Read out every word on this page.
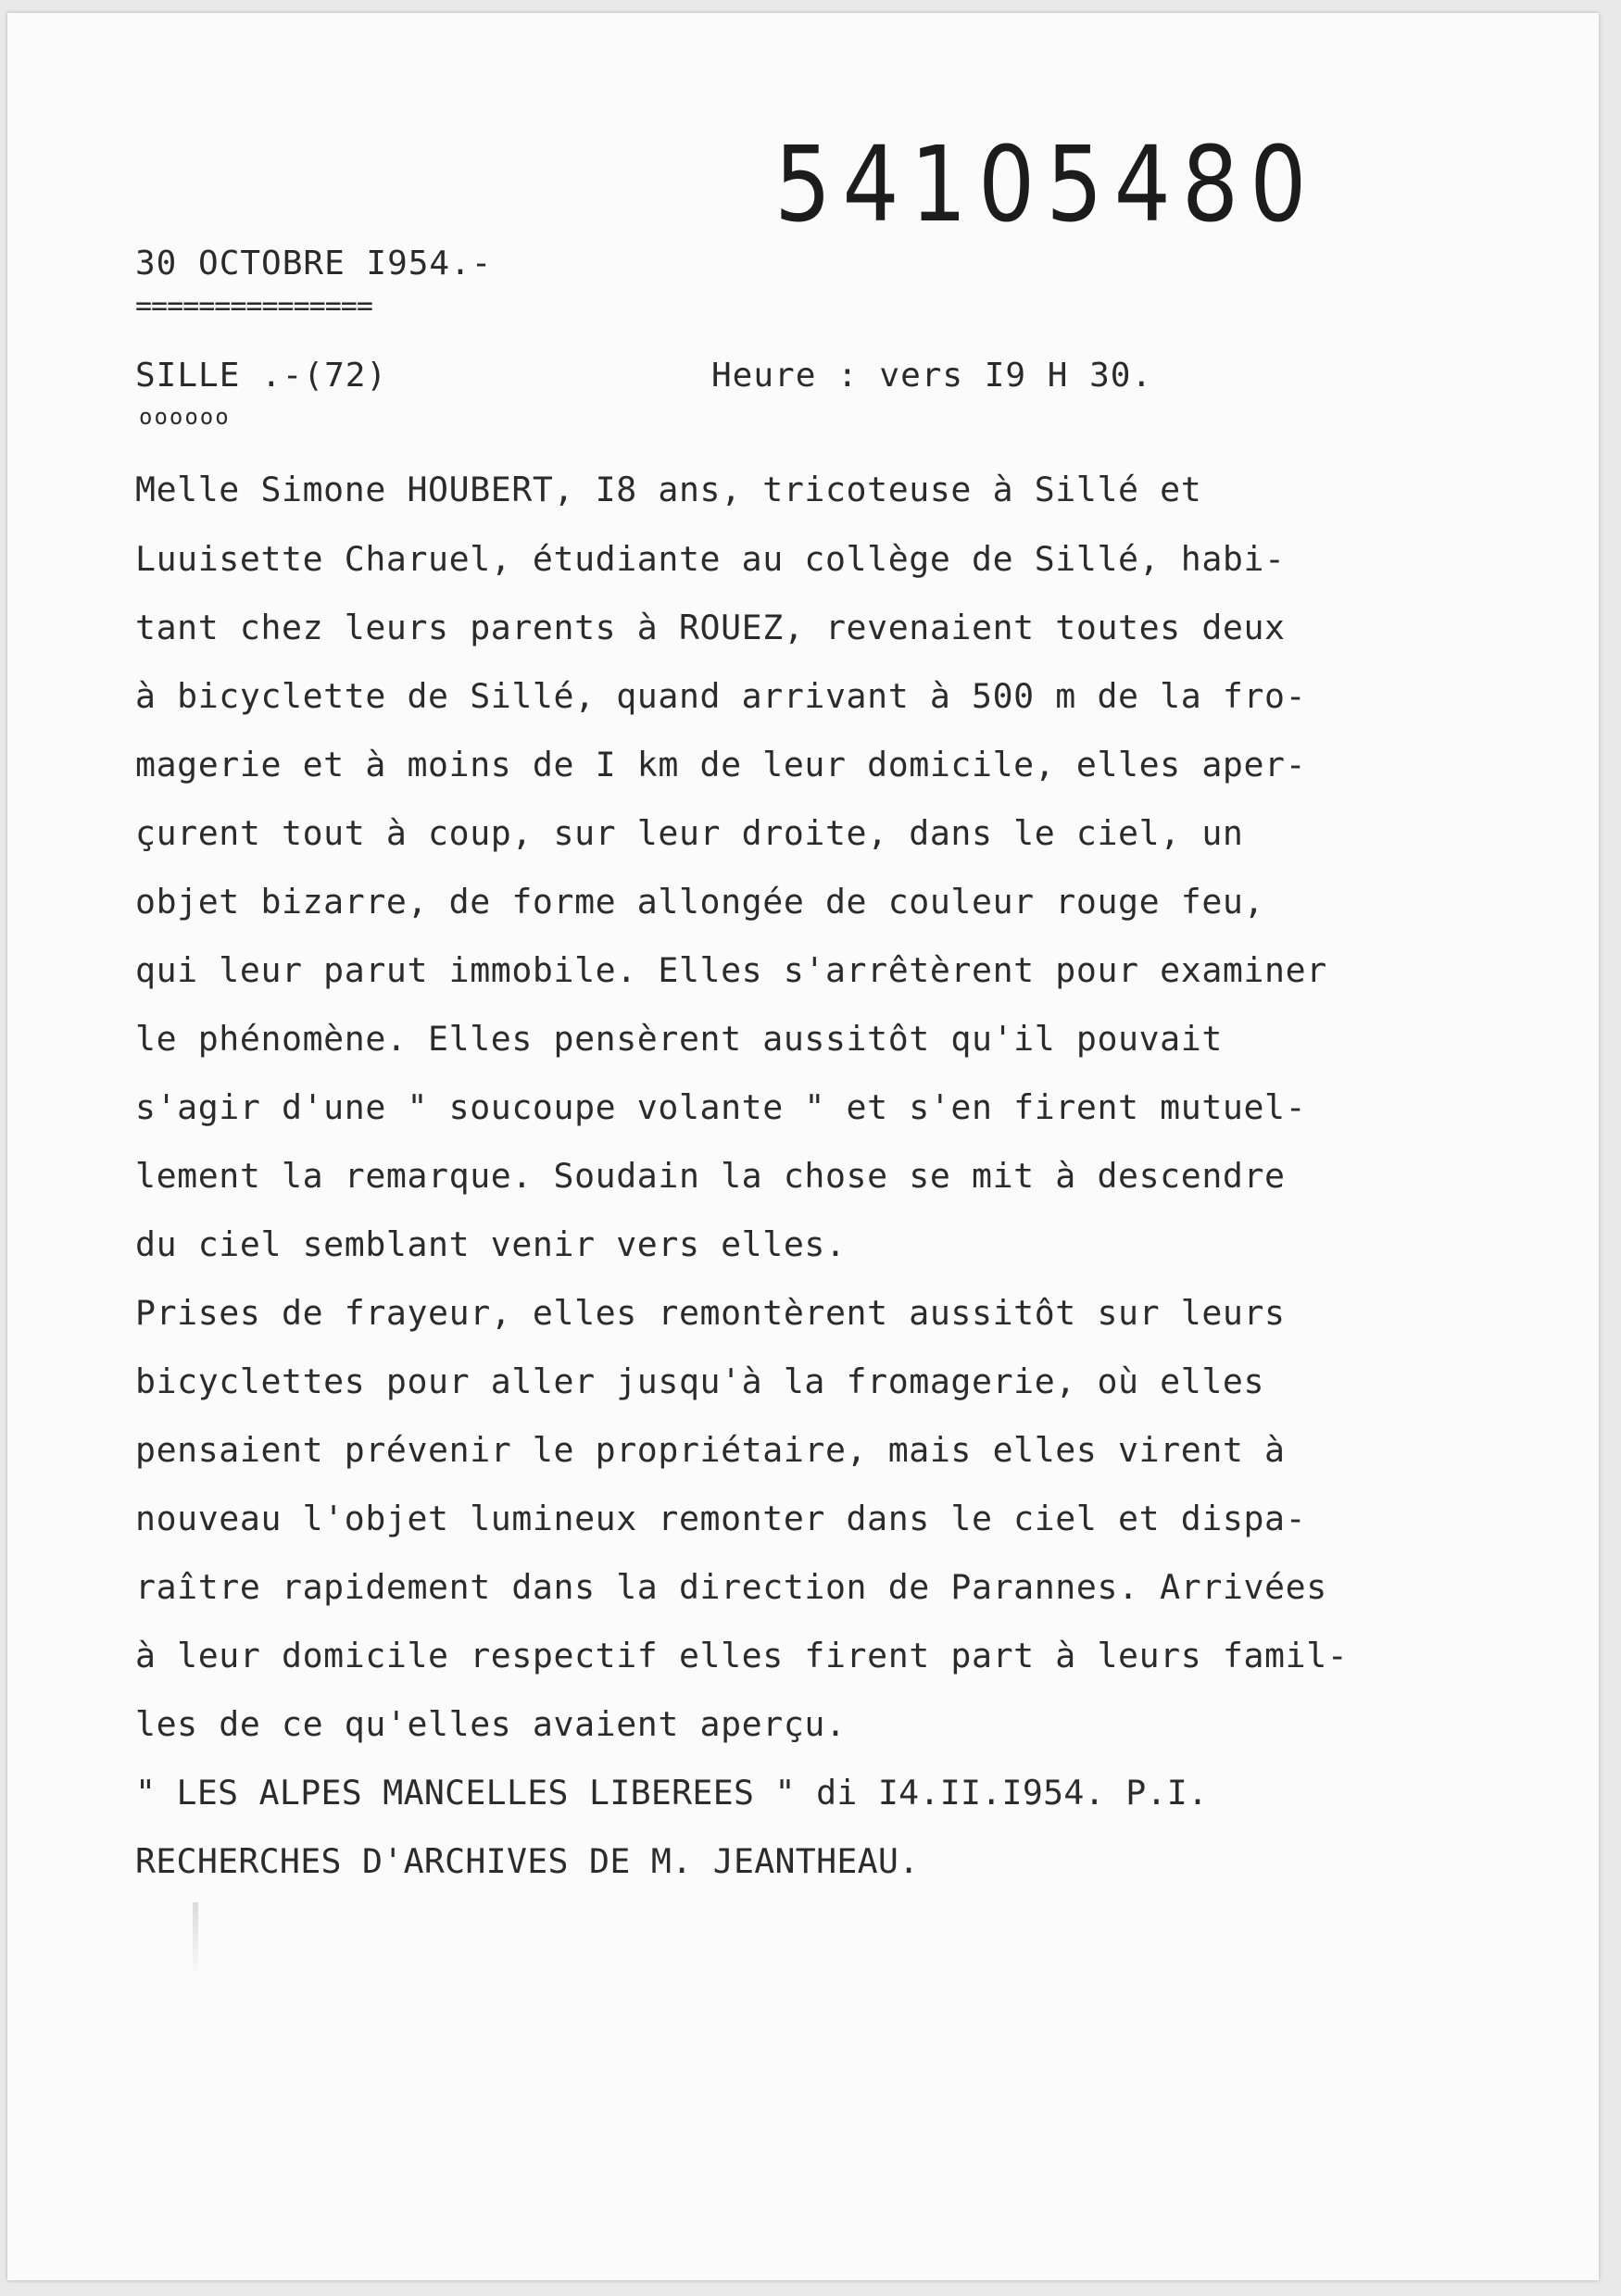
54105480
30 OCTOBRE I954.-
===============
SILLE .-(72)	Heure : vers I9 H 30.
oooooo
Melle Simone HOUBERT, I8 ans, tricoteuse à Sillé et
Luuisette Charuel, étudiante au collège de Sillé, habi-
tant chez leurs parents à ROUEZ, revenaient toutes deux
à bicyclette de Sillé, quand arrivant à 500 m de la fro-
magerie et à moins de I km de leur domicile, elles aper-
çurent tout à coup, sur leur droite, dans le ciel, un
objet bizarre, de forme allongée de couleur rouge feu,
qui leur parut immobile. Elles s'arrêtèrent pour examiner
le phénomène. Elles pensèrent aussitôt qu'il pouvait
s'agir d'une " soucoupe volante " et s'en firent mutuel-
lement la remarque. Soudain la chose se mit à descendre
du ciel semblant venir vers elles.
Prises de frayeur, elles remontèrent aussitôt sur leurs
bicyclettes pour aller jusqu'à la fromagerie, où elles
pensaient prévenir le propriétaire, mais elles virent à
nouveau l'objet lumineux remonter dans le ciel et dispa-
raître rapidement dans la direction de Parannes. Arrivées
à leur domicile respectif elles firent part à leurs famil-
les de ce qu'elles avaient aperçu.
" LES ALPES MANCELLES LIBEREES " di I4.II.I954. P.I.
RECHERCHES D'ARCHIVES DE M. JEANTHEAU.
